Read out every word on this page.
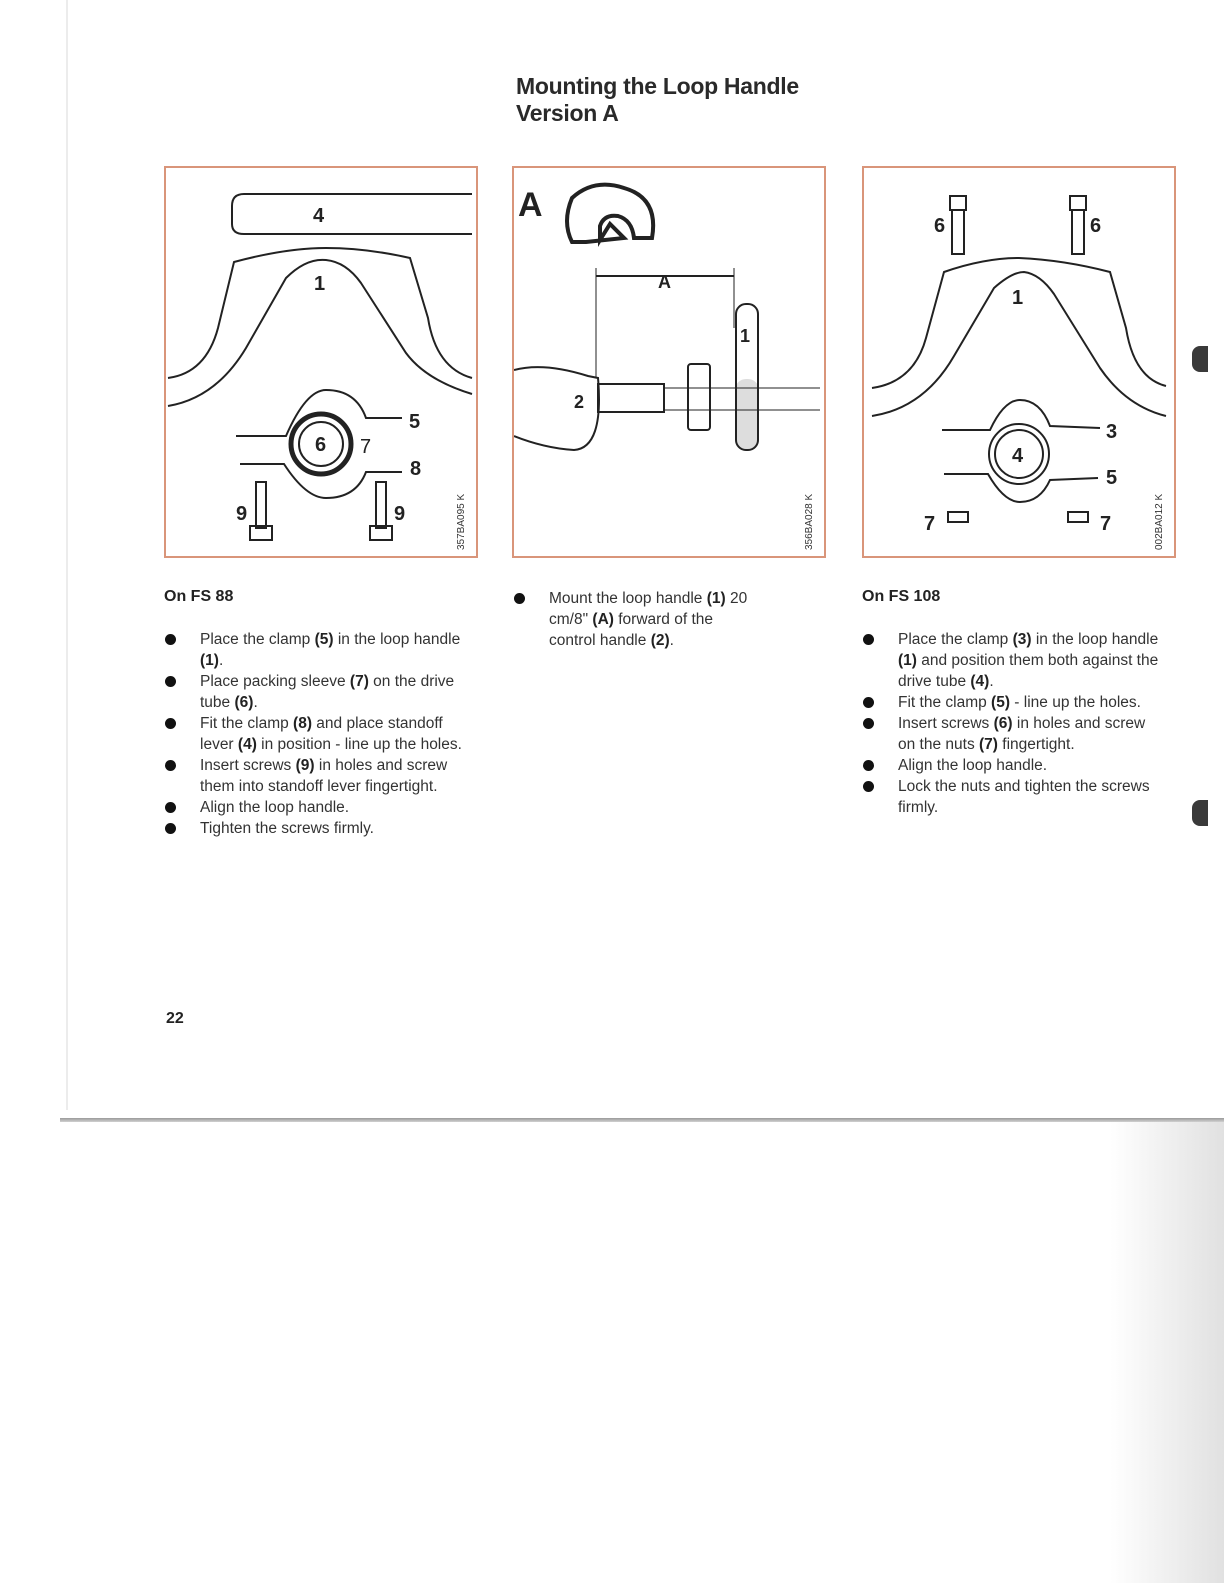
Mounting the Loop Handle
Version A
4
1
6 7
5
8
9	9	357BA095 K
A
A
1
2
356BA028 K
6	6
1
3
4
5
7	7	002BA012 K
On FS 88
Place the clamp (5) in the loop handle (1).
Place packing sleeve (7) on the drive tube (6).
Fit the clamp (8) and place standoff lever (4) in position - line up the holes.
Insert screws (9) in holes and screw them into standoff lever fingertight.
Align the loop handle.
Tighten the screws firmly.
Mount the loop handle (1) 20 cm/8" (A) forward of the control handle (2).
On FS 108
Place the clamp (3) in the loop handle (1) and position them both against the drive tube (4).
Fit the clamp (5) - line up the holes.
Insert screws (6) in holes and screw on the nuts (7) fingertight.
Align the loop handle.
Lock the nuts and tighten the screws firmly.
22
